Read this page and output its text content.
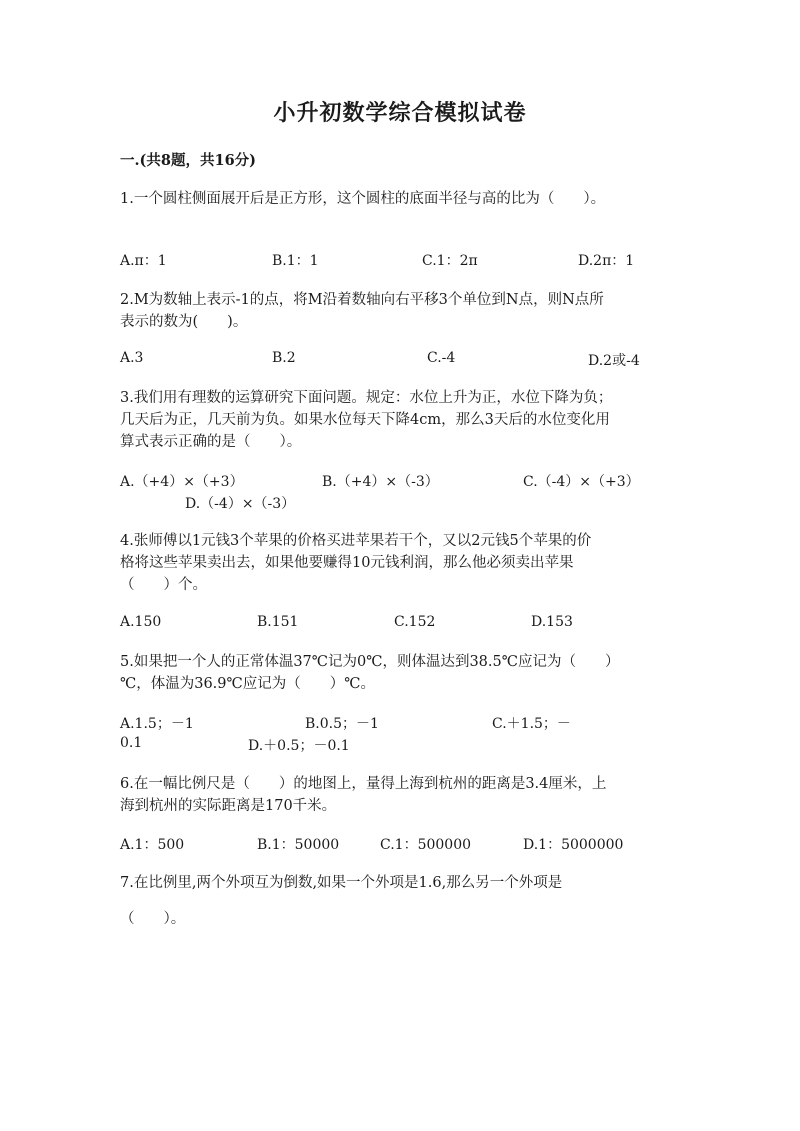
小升初数学综合模拟试卷
一.(共8题，共16分)
1.一个圆柱侧面展开后是正方形，这个圆柱的底面半径与高的比为（　　）。
A.π：1	B.1：1	C.1：2π	D.2π：1
2.M为数轴上表示-1的点，将M沿着数轴向右平移3个单位到N点，则N点所
表示的数为(　　)。
A.3	B.2	C.-4	D.2或-4
3.我们用有理数的运算研究下面问题。规定：水位上升为正，水位下降为负；
几天后为正，几天前为负。如果水位每天下降4cm，那么3天后的水位变化用
算式表示正确的是（　　）。
A.（+4）×（+3）	B.（+4）×（-3）	C.（-4）×（+3）
D.（-4）×（-3）
4.张师傅以1元钱3个苹果的价格买进苹果若干个，又以2元钱5个苹果的价
格将这些苹果卖出去，如果他要赚得10元钱利润，那么他必须卖出苹果
（　　）个。
A.150	B.151	C.152	D.153
5.如果把一个人的正常体温37℃记为0℃，则体温达到38.5℃应记为（　　）
℃，体温为36.9℃应记为（　　）℃。
A.1.5；－1	B.0.5；－1	C.＋1.5；－
0.1	D.＋0.5；－0.1
6.在一幅比例尺是（　　）的地图上，量得上海到杭州的距离是3.4厘米，上
海到杭州的实际距离是170千米。
A.1：500	B.1：50000	C.1：500000	D.1：5000000
7.在比例里,两个外项互为倒数,如果一个外项是1.6,那么另一个外项是
（　　）。
